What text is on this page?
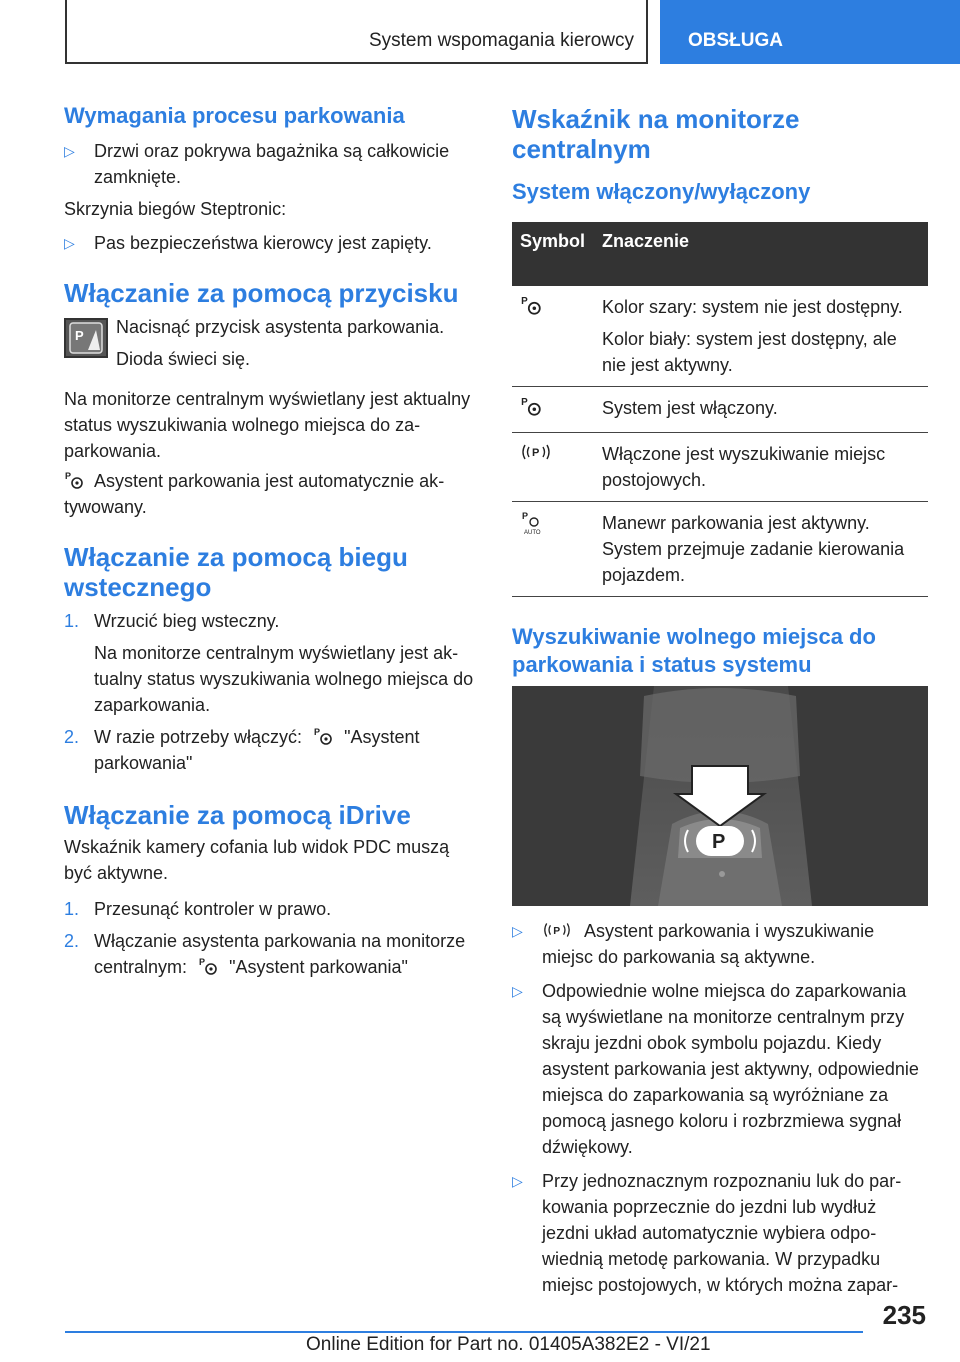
System wspomagania kierowcy	OBSŁUGA
Wymagania procesu parkowania
▷ Drzwi oraz pokrywa bagażnika są całkowicie zamknięte.
Skrzynia biegów Steptronic:
▷ Pas bezpieczeństwa kierowcy jest zapięty.
Włączanie za pomocą przycisku
P Nacisnąć przycisk asystenta parkowania.
Dioda świeci się.
Na monitorze centralnym wyświetlany jest aktualny status wyszukiwania wolnego miejsca do zaparkowania.
P Asystent parkowania jest automatycznie aktywowany.
Włączanie za pomocą biegu wstecznego
1. Wrzucić bieg wsteczny.
Na monitorze centralnym wyświetlany jest aktualny status wyszukiwania wolnego miejsca do zaparkowania.
2. W razie potrzeby włączyć: P "Asystent parkowania"
Włączanie za pomocą iDrive
Wskaźnik kamery cofania lub widok PDC muszą być aktywne.
1. Przesunąć kontroler w prawo.
2. Włączanie asystenta parkowania na monitorze centralnym: P "Asystent parkowania"
Wskaźnik na monitorze centralnym
System włączony/wyłączony
Symbol	Znaczenie

P	Kolor szary: system nie jest dostępny.
Kolor biały: system jest dostępny, ale nie jest aktywny.

P	System jest włączony.

P	Włączone jest wyszukiwanie miejsc postojowych.

P
AUTO	Manewr parkowania jest aktywny. System przejmuje zadanie kierowania pojazdem.
Wyszukiwanie wolnego miejsca do parkowania i status systemu
P
▷	P Asystent parkowania i wyszukiwanie miejsc do parkowania są aktywne.
▷ Odpowiednie wolne miejsca do zaparkowania są wyświetlane na monitorze centralnym przy skraju jezdni obok symbolu pojazdu. Kiedy asystent parkowania jest aktywny, odpowiednie miejsca do zaparkowania są wyróżniane za pomocą jasnego koloru i rozbrzmiewa sygnał dźwiękowy.
▷ Przy jednoznacznym rozpoznaniu luk do parkowania poprzecznie do jezdni lub wydłuż jezdni układ automatycznie wybiera odpowiednią metodę parkowania. W przypadku miejsc postojowych, w których można zapar-
235
Online Edition for Part no. 01405A382E2 - VI/21
